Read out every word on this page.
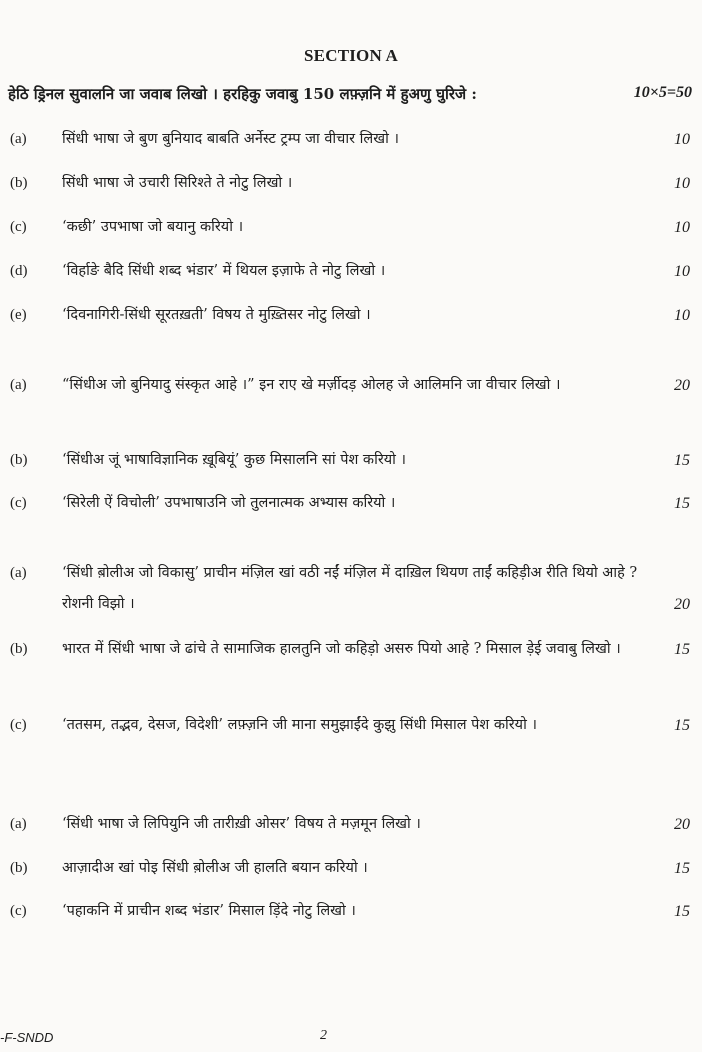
SECTION A
हेठि ड्रिनल सुवालनि जा जवाब लिखो । हरहिकु जवाबु 150 लफ़्ज़नि में हुअणु घुरिजे :	10×5=50
(a)	सिंधी भाषा जे बुण बुनियाद बाबति अर्नेस्ट ट्रम्प जा वीचार लिखो ।	10
(b)	सिंधी भाषा जे उचारी सिरिश्ते ते नोटु लिखो ।	10
(c)	‘कछी’ उपभाषा जो बयानु करियो ।	10
(d)	‘विर्हाङे बैदि सिंधी शब्द भंडार’ में थियल इज़ाफे ते नोटु लिखो ।	10
(e)	‘दिवनागिरी-सिंधी सूरतख़ती’ विषय ते मुख़्तिसर नोटु लिखो ।	10
(a)	“सिंधीअ जो बुनियादु संस्कृत आहे ।” इन राए खे मर्ज़ीदड़ ओलह जे आलिमनि जा वीचार लिखो ।	20
(b)	‘सिंधीअ जूं भाषाविज्ञानिक ख़ूबियूं’ कुछ मिसालनि सां पेश करियो ।	15
(c)	‘सिरेली ऐं विचोली’ उपभाषाउनि जो तुलनात्मक अभ्यास करियो ।	15
(a)	‘सिंधी ब़ोलीअ जो विकासु’ प्राचीन मंज़िल खां वठी नईं मंज़िल में दाख़िल थियण ताईं कहिड़ीअ रीति थियो आहे ? रोशनी विझो ।	20
(b)	भारत में सिंधी भाषा जे ढांचे ते सामाजिक हालतुनि जो कहिड़ो असरु पियो आहे ? मिसाल ड़ेई जवाबु लिखो ।	15
(c)	‘ततसम, तद्भव, देसज, विदेशी’ लफ़्ज़नि जी माना समुझाईंदे कुझु सिंधी मिसाल पेश करियो ।	15
(a)	‘सिंधी भाषा जे लिपियुनि जी तारीख़ी ओसर’ विषय ते मज़मून लिखो ।	20
(b)	आज़ादीअ खां पोइ सिंधी ब़ोलीअ जी हालति बयान करियो ।	15
(c)	‘पहाकनि में प्राचीन शब्द भंडार’ मिसाल ड़िंदे नोटु लिखो ।	15
-F-SNDD	2
